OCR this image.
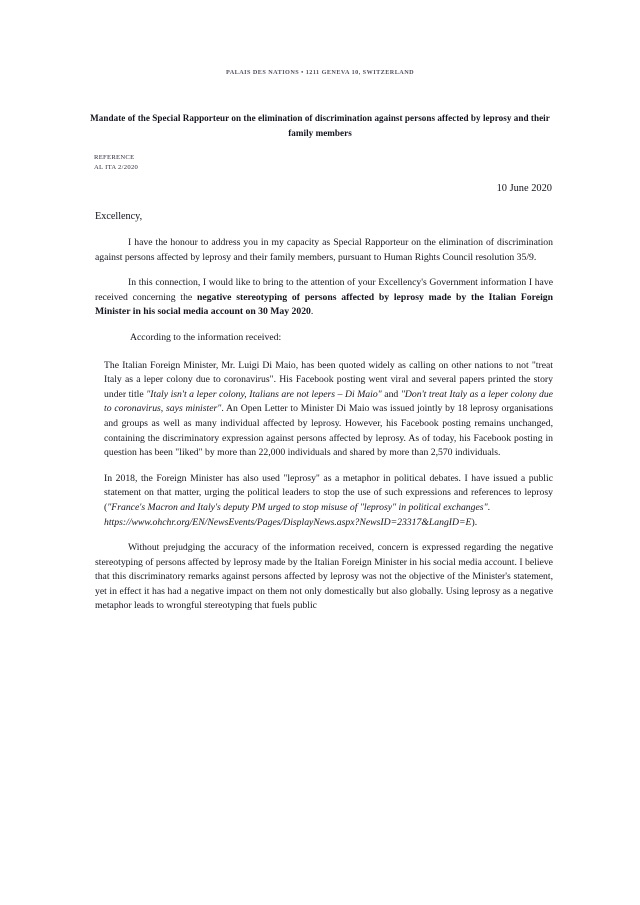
PALAIS DES NATIONS • 1211 GENEVA 10, SWITZERLAND
Mandate of the Special Rapporteur on the elimination of discrimination against persons affected by leprosy and their family members
REFERENCE
AL ITA 2/2020
10 June 2020
Excellency,

I have the honour to address you in my capacity as Special Rapporteur on the elimination of discrimination against persons affected by leprosy and their family members, pursuant to Human Rights Council resolution 35/9.

In this connection, I would like to bring to the attention of your Excellency's Government information I have received concerning the negative stereotyping of persons affected by leprosy made by the Italian Foreign Minister in his social media account on 30 May 2020.

According to the information received:

The Italian Foreign Minister, Mr. Luigi Di Maio, has been quoted widely as calling on other nations to not "treat Italy as a leper colony due to coronavirus". His Facebook posting went viral and several papers printed the story under title "Italy isn't a leper colony, Italians are not lepers – Di Maio" and "Don't treat Italy as a leper colony due to coronavirus, says minister". An Open Letter to Minister Di Maio was issued jointly by 18 leprosy organisations and groups as well as many individual affected by leprosy. However, his Facebook posting remains unchanged, containing the discriminatory expression against persons affected by leprosy. As of today, his Facebook posting in question has been "liked" by more than 22,000 individuals and shared by more than 2,570 individuals.

In 2018, the Foreign Minister has also used "leprosy" as a metaphor in political debates. I have issued a public statement on that matter, urging the political leaders to stop the use of such expressions and references to leprosy ("France's Macron and Italy's deputy PM urged to stop misuse of "leprosy" in political exchanges".
https://www.ohchr.org/EN/NewsEvents/Pages/DisplayNews.aspx?NewsID=23317&LangID=E).

Without prejudging the accuracy of the information received, concern is expressed regarding the negative stereotyping of persons affected by leprosy made by the Italian Foreign Minister in his social media account. I believe that this discriminatory remarks against persons affected by leprosy was not the objective of the Minister's statement, yet in effect it has had a negative impact on them not only domestically but also globally. Using leprosy as a negative metaphor leads to wrongful stereotyping that fuels public
